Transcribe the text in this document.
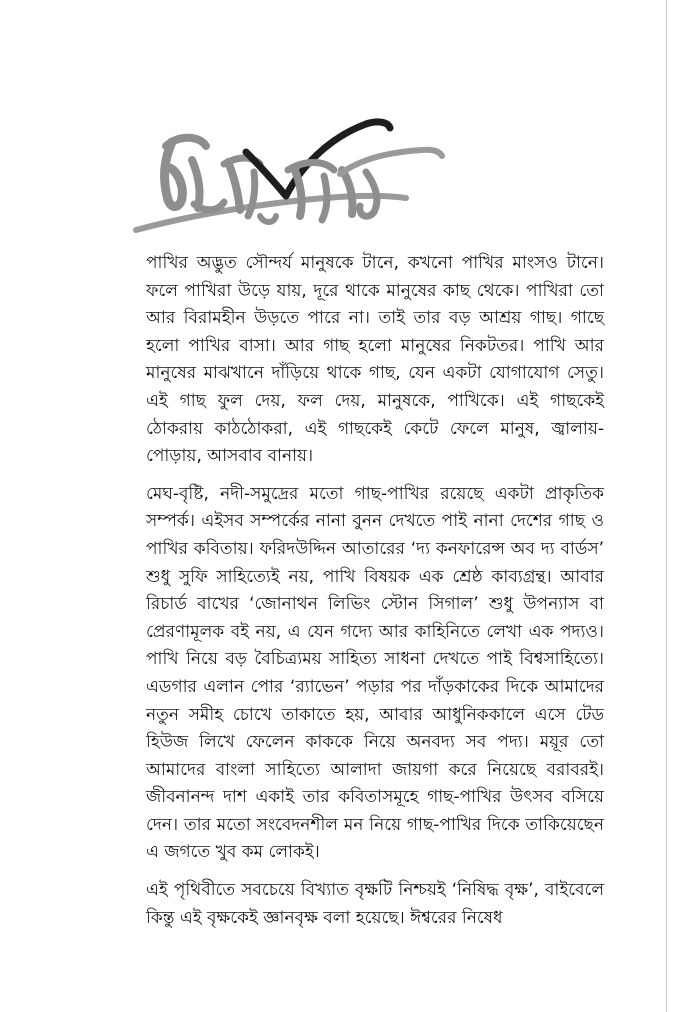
পাখির অদ্ভুত সৌন্দর্য মানুষকে টানে, কখনো পাখির মাংসও টানে। ফলে পাখিরা উড়ে যায়, দূরে থাকে মানুষের কাছ থেকে। পাখিরা তো আর বিরামহীন উড়তে পারে না। তাই তার বড় আশ্রয় গাছ। গাছে হলো পাখির বাসা। আর গাছ হলো মানুষের নিকটতর। পাখি আর মানুষের মাঝখানে দাঁড়িয়ে থাকে গাছ, যেন একটা যোগাযোগ সেতু। এই গাছ ফুল দেয়, ফল দেয়, মানুষকে, পাখিকে। এই গাছকেই ঠোকরায় কাঠঠোকরা, এই গাছকেই কেটে ফেলে মানুষ, জ্বালায়-পোড়ায়, আসবাব বানায়।

মেঘ-বৃষ্টি, নদী-সমুদ্রের মতো গাছ-পাখির রয়েছে একটা প্রাকৃতিক সম্পর্ক। এইসব সম্পর্কের নানা বুনন দেখতে পাই নানা দেশের গাছ ও পাখির কবিতায়। ফরিদউদ্দিন আতারের ‘দ্য কনফারেন্স অব দ্য বার্ডস’ শুধু সুফি সাহিত্যেই নয়, পাখি বিষয়ক এক শ্রেষ্ঠ কাব্যগ্রন্থ। আবার রিচার্ড বাখের ‘জোনাথন লিভিং স্টোন সিগাল’ শুধু উপন্যাস বা প্রেরণামূলক বই নয়, এ যেন গদ্যে আর কাহিনিতে লেখা এক পদ্যও। পাখি নিয়ে বড় বৈচিত্র্যময় সাহিত্য সাধনা দেখতে পাই বিশ্বসাহিত্যে। এডগার এলান পোর ‘র‍্যাভেন’ পড়ার পর দাঁড়কাকের দিকে আমাদের নতুন সমীহ চোখে তাকাতে হয়, আবার আধুনিককালে এসে টেড হিউজ লিখে ফেলেন কাককে নিয়ে অনবদ্য সব পদ্য। ময়ূর তো আমাদের বাংলা সাহিত্যে আলাদা জায়গা করে নিয়েছে বরাবরই। জীবনানন্দ দাশ একাই তার কবিতাসমূহে গাছ-পাখির উৎসব বসিয়ে দেন। তার মতো সংবেদনশীল মন নিয়ে গাছ-পাখির দিকে তাকিয়েছেন এ জগতে খুব কম লোকই।

এই পৃথিবীতে সবচেয়ে বিখ্যাত বৃক্ষটি নিশ্চয়ই ‘নিষিদ্ধ বৃক্ষ’, বাইবেলে কিন্তু এই বৃক্ষকেই জ্ঞানবৃক্ষ বলা হয়েছে। ঈশ্বরের নিষেধ
